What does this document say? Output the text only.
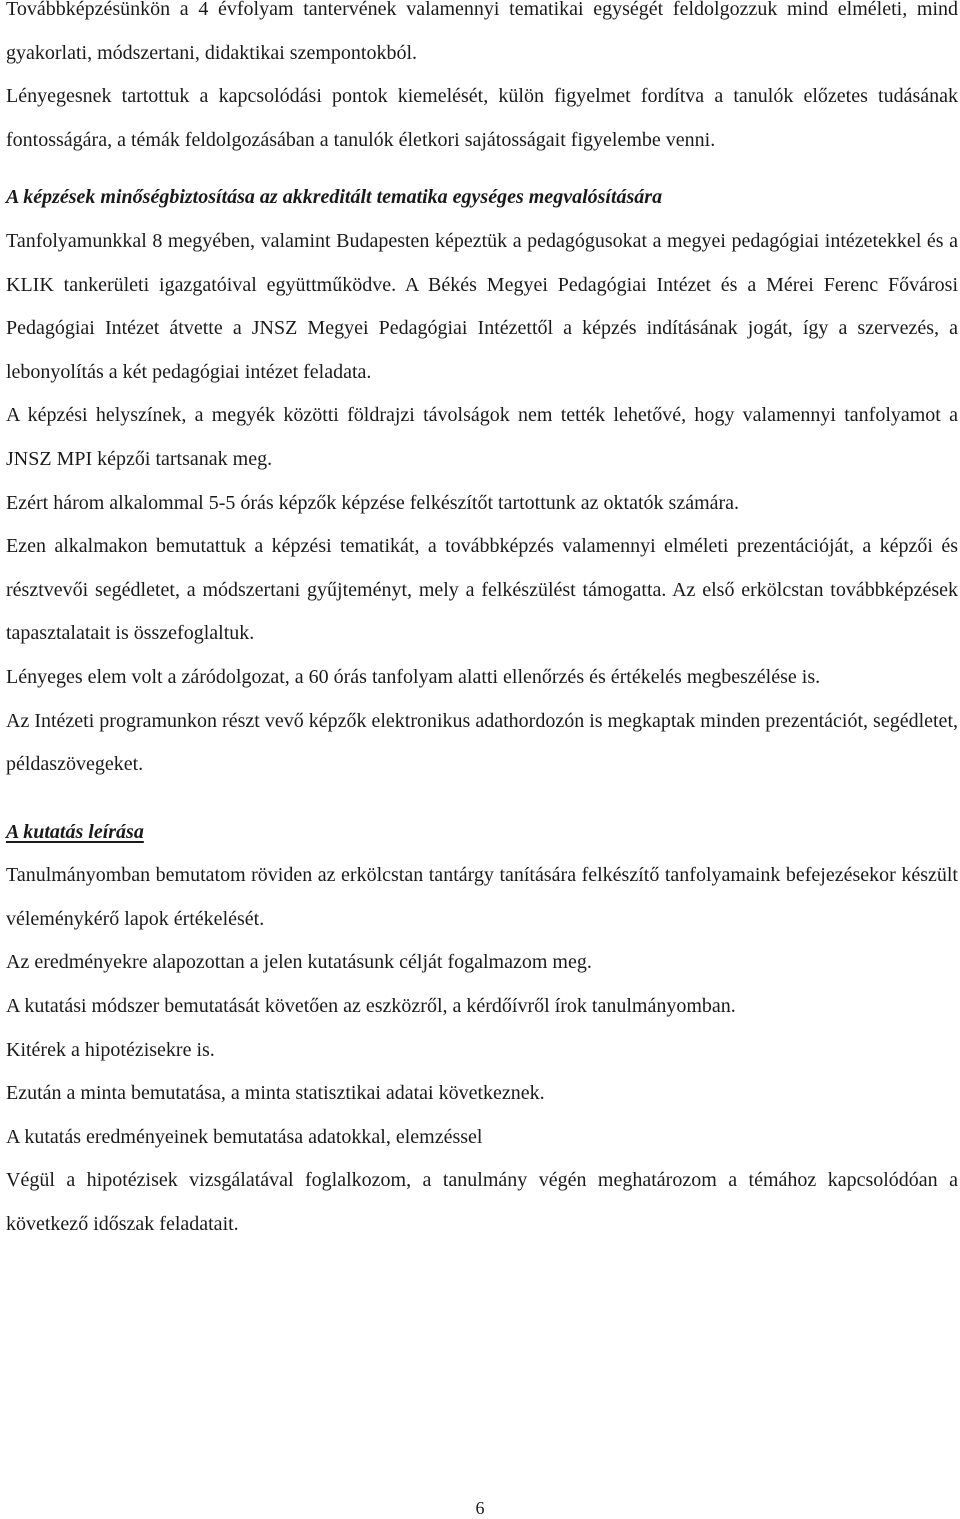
Továbbképzésünkön a 4 évfolyam tantervének valamennyi tematikai egységét feldolgozzuk mind elméleti, mind gyakorlati, módszertani, didaktikai szempontokból.

Lényegesnek tartottuk a kapcsolódási pontok kiemelését, külön figyelmet fordítva a tanulók előzetes tudásának fontosságára, a témák feldolgozásában a tanulók életkori sajátosságait figyelembe venni.

A képzések minőségbiztosítása az akkreditált tematika egységes megvalósítására

Tanfolyamunkkal 8 megyében, valamint Budapesten képeztük a pedagógusokat a megyei pedagógiai intézetekkel és a KLIK tankerületi igazgatóival együttműködve. A Békés Megyei Pedagógiai Intézet és a Mérei Ferenc Fővárosi Pedagógiai Intézet átvette a JNSZ Megyei Pedagógiai Intézettől a képzés indításának jogát, így a szervezés, a lebonyolítás a két pedagógiai intézet feladata.

A képzési helyszínek, a megyék közötti földrajzi távolságok nem tették lehetővé, hogy valamennyi tanfolyamot a JNSZ MPI képzői tartsanak meg.

Ezért három alkalommal 5-5 órás képzők képzése felkészítőt tartottunk az oktatók számára.

Ezen alkalmakon bemutattuk a képzési tematikát, a továbbképzés valamennyi elméleti prezentációját, a képzői és résztvevői segédletet, a módszertani gyűjteményt, mely a felkészülést támogatta. Az első erkölcstan továbbképzések tapasztalatait is összefoglaltuk.

Lényeges elem volt a záródolgozat, a 60 órás tanfolyam alatti ellenőrzés és értékelés megbeszélése is.

Az Intézeti programunkon részt vevő képzők elektronikus adathordozón is megkaptak minden prezentációt, segédletet, példaszövegeket.

A kutatás leírása

Tanulmányomban bemutatom röviden az erkölcstan tantárgy tanítására felkészítő tanfolyamaink befejezésekor készült véleménykérő lapok értékelését.

Az eredményekre alapozottan a jelen kutatásunk célját fogalmazom meg.

A kutatási módszer bemutatását követően az eszközről, a kérdőívről írok tanulmányomban.

Kitérek a hipotézisekre is.

Ezután a minta bemutatása, a minta statisztikai adatai következnek.

A kutatás eredményeinek bemutatása adatokkal, elemzéssel

Végül a hipotézisek vizsgálatával foglalkozom, a tanulmány végén meghatározom a témához kapcsolódóan a következő időszak feladatait.

6
